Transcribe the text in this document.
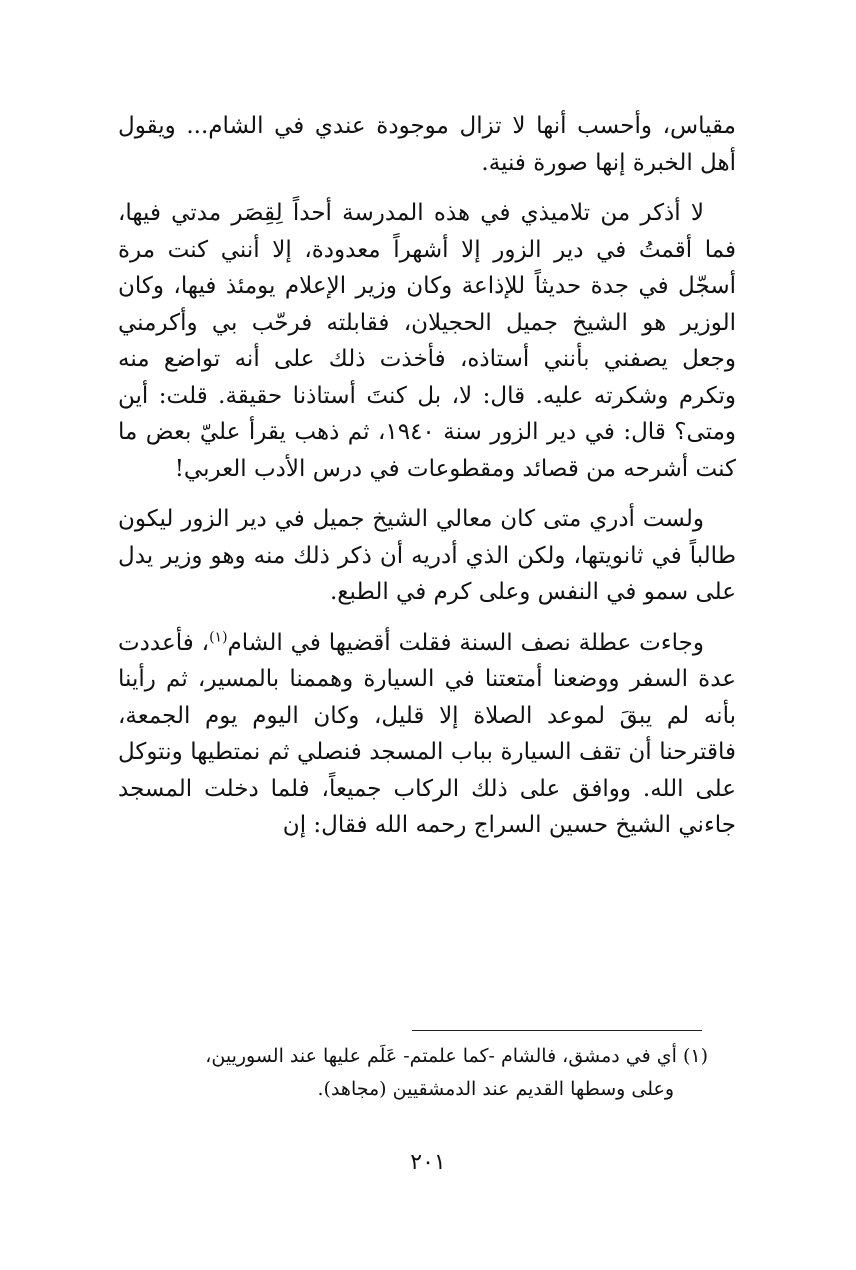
مقياس، وأحسب أنها لا تزال موجودة عندي في الشام... ويقول أهل الخبرة إنها صورة فنية.

لا أذكر من تلاميذي في هذه المدرسة أحداً لِقِصَر مدتي فيها، فما أقمتُ في دير الزور إلا أشهراً معدودة، إلا أنني كنت مرة أسجّل في جدة حديثاً للإذاعة وكان وزير الإعلام يومئذ فيها، وكان الوزير هو الشيخ جميل الحجيلان، فقابلته فرحّب بي وأكرمني وجعل يصفني بأنني أستاذه، فأخذت ذلك على أنه تواضع منه وتكرم وشكرته عليه. قال: لا، بل كنتَ أستاذنا حقيقة. قلت: أين ومتى؟ قال: في دير الزور سنة ١٩٤٠، ثم ذهب يقرأ عليّ بعض ما كنت أشرحه من قصائد ومقطوعات في درس الأدب العربي!

ولست أدري متى كان معالي الشيخ جميل في دير الزور ليكون طالباً في ثانويتها، ولكن الذي أدريه أن ذكر ذلك منه وهو وزير يدل على سمو في النفس وعلى كرم في الطبع.

وجاءت عطلة نصف السنة فقلت أقضيها في الشام$^{(١)}$، فأعددت عدة السفر ووضعنا أمتعتنا في السيارة وهممنا بالمسير، ثم رأينا بأنه لم يبقَ لموعد الصلاة إلا قليل، وكان اليوم يوم الجمعة، فاقترحنا أن تقف السيارة بباب المسجد فنصلي ثم نمتطيها ونتوكل على الله. ووافق على ذلك الركاب جميعاً، فلما دخلت المسجد جاءني الشيخ حسين السراج رحمه الله فقال: إن

(١) أي في دمشق، فالشام -كما علمتم- عَلَم عليها عند السوريين،
وعلى وسطها القديم عند الدمشقيين (مجاهد).

٢٠١
